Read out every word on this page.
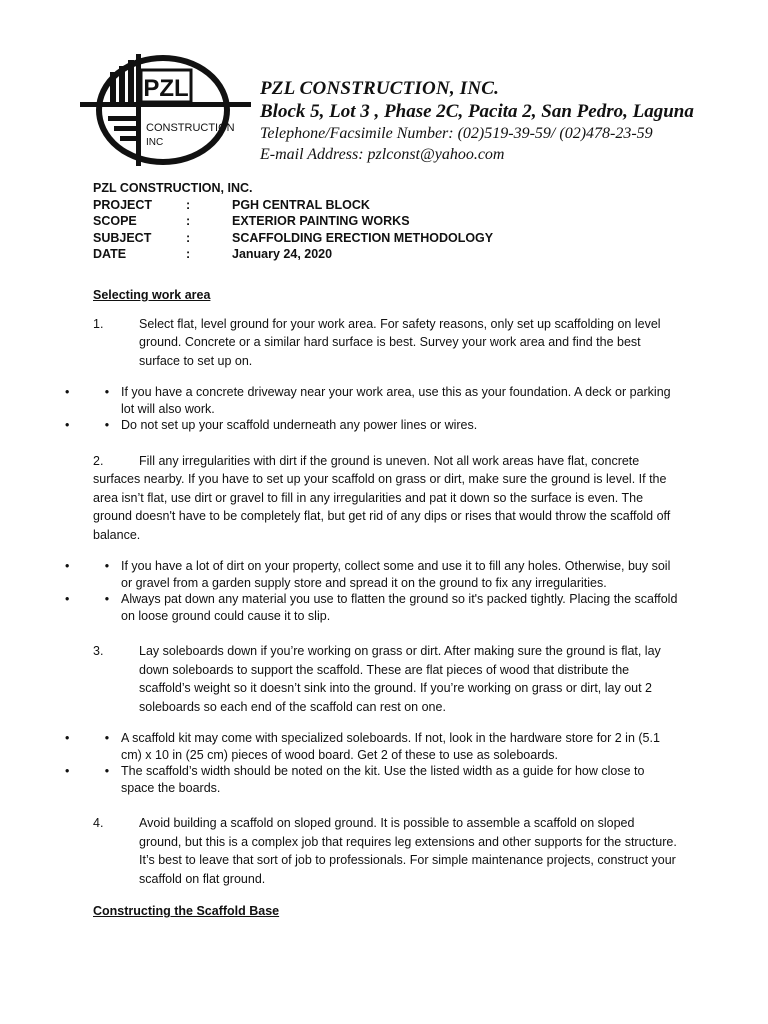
PZL
CONSTRUCTION
INC
PZL CONSTRUCTION, INC.
Block 5, Lot 3 , Phase 2C, Pacita 2, San Pedro, Laguna
Telephone/Facsimile Number: (02)519-39-59/ (02)478-23-59
E-mail Address: pzlconst@yahoo.com
PZL CONSTRUCTION, INC.
PROJECT	:	PGH CENTRAL BLOCK
SCOPE	:	EXTERIOR PAINTING WORKS
SUBJECT	:	SCAFFOLDING ERECTION METHODOLOGY
DATE	:	January 24, 2020

Selecting work area

1.	Select flat, level ground for your work area. For safety reasons, only set up scaffolding on level ground. Concrete or a similar hard surface is best. Survey your work area and find the best surface to set up on.
• • If you have a concrete driveway near your work area, use this as your foundation. A deck or parking lot will also work.
• • Do not set up your scaffold underneath any power lines or wires.

2.	Fill any irregularities with dirt if the ground is uneven. Not all work areas have flat, concrete surfaces nearby. If you have to set up your scaffold on grass or dirt, make sure the ground is level. If the area isn’t flat, use dirt or gravel to fill in any irregularities and pat it down so the surface is even. The ground doesn't have to be completely flat, but get rid of any dips or rises that would throw the scaffold off balance.

• • If you have a lot of dirt on your property, collect some and use it to fill any holes. Otherwise, buy soil or gravel from a garden supply store and spread it on the ground to fix any irregularities.
• • Always pat down any material you use to flatten the ground so it's packed tightly. Placing the scaffold on loose ground could cause it to slip.
3.	Lay soleboards down if you’re working on grass or dirt. After making sure the ground is flat, lay down soleboards to support the scaffold. These are flat pieces of wood that distribute the scaffold’s weight so it doesn’t sink into the ground. If you’re working on grass or dirt, lay out 2 soleboards so each end of the scaffold can rest on one.
• • A scaffold kit may come with specialized soleboards. If not, look in the hardware store for 2 in (5.1 cm) x 10 in (25 cm) pieces of wood board. Get 2 of these to use as soleboards.
• • The scaffold’s width should be noted on the kit. Use the listed width as a guide for how close to space the boards.
4.	Avoid building a scaffold on sloped ground. It is possible to assemble a scaffold on sloped ground, but this is a complex job that requires leg extensions and other supports for the structure. It’s best to leave that sort of job to professionals. For simple maintenance projects, construct your scaffold on flat ground.

Constructing the Scaffold Base
